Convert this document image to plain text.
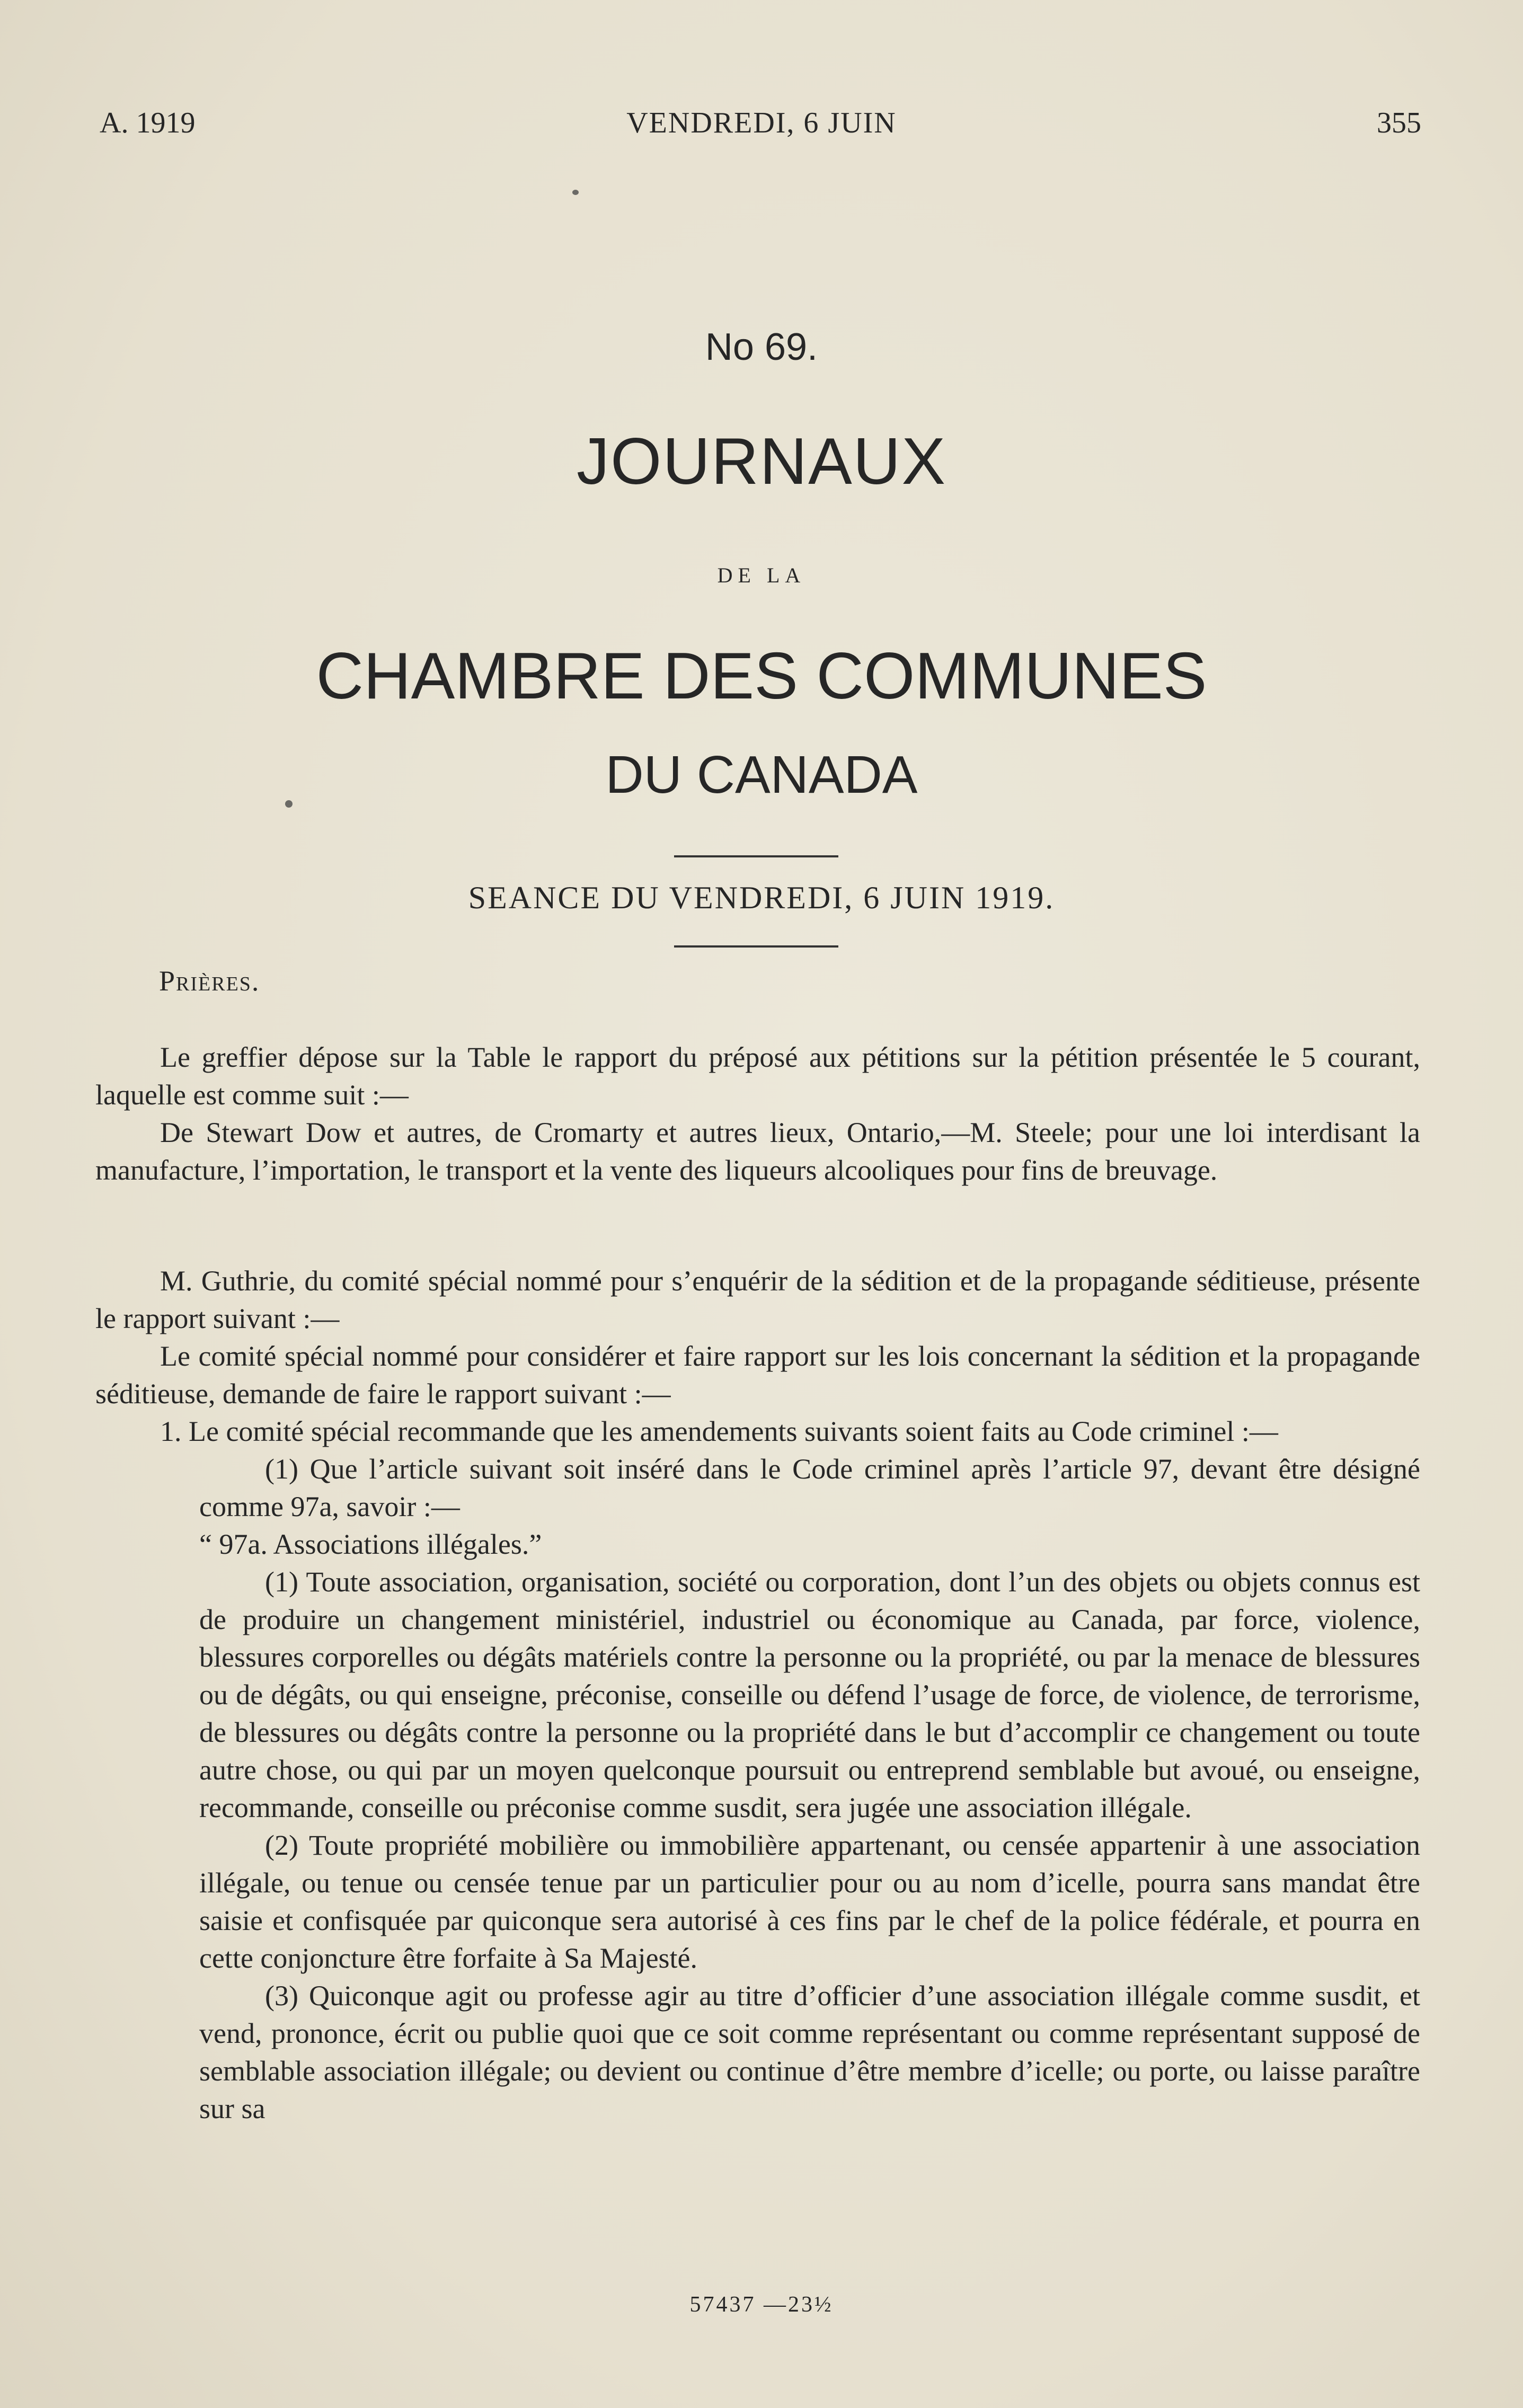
A. 1919	VENDREDI, 6 JUIN	355
No 69.
JOURNAUX
DE LA
CHAMBRE DES COMMUNES
DU CANADA
SEANCE DU VENDREDI, 6 JUIN 1919.
Prières.

Le greffier dépose sur la Table le rapport du préposé aux pétitions sur la pétition présentée le 5 courant, laquelle est comme suit :—

De Stewart Dow et autres, de Cromarty et autres lieux, Ontario,—M. Steele; pour une loi interdisant la manufacture, l’importation, le transport et la vente des liqueurs alcooliques pour fins de breuvage.

M. Guthrie, du comité spécial nommé pour s’enquérir de la sédition et de la propagande séditieuse, présente le rapport suivant :—

Le comité spécial nommé pour considérer et faire rapport sur les lois concernant la sédition et la propagande séditieuse, demande de faire le rapport suivant :—

1. Le comité spécial recommande que les amendements suivants soient faits au Code criminel :—

(1) Que l’article suivant soit inséré dans le Code criminel après l’article 97, devant être désigné comme 97a, savoir :—

“ 97a. Associations illégales.”

(1) Toute association, organisation, société ou corporation, dont l’un des objets ou objets connus est de produire un changement ministériel, industriel ou économique au Canada, par force, violence, blessures corporelles ou dégâts matériels contre la personne ou la propriété, ou par la menace de blessures ou de dégâts, ou qui enseigne, préconise, conseille ou défend l’usage de force, de violence, de terrorisme, de blessures ou dégâts contre la personne ou la propriété dans le but d’accomplir ce changement ou toute autre chose, ou qui par un moyen quelconque poursuit ou entreprend semblable but avoué, ou enseigne, recommande, conseille ou préconise comme susdit, sera jugée une association illégale.

(2) Toute propriété mobilière ou immobilière appartenant, ou censée appartenir à une association illégale, ou tenue ou censée tenue par un particulier pour ou au nom d’icelle, pourra sans mandat être saisie et confisquée par quiconque sera autorisé à ces fins par le chef de la police fédérale, et pourra en cette conjoncture être forfaite à Sa Majesté.

(3) Quiconque agit ou professe agir au titre d’officier d’une association illégale comme susdit, et vend, prononce, écrit ou publie quoi que ce soit comme représentant ou comme représentant supposé de semblable association illégale; ou devient ou continue d’être membre d’icelle; ou porte, ou laisse paraître sur sa

57437 —23½
